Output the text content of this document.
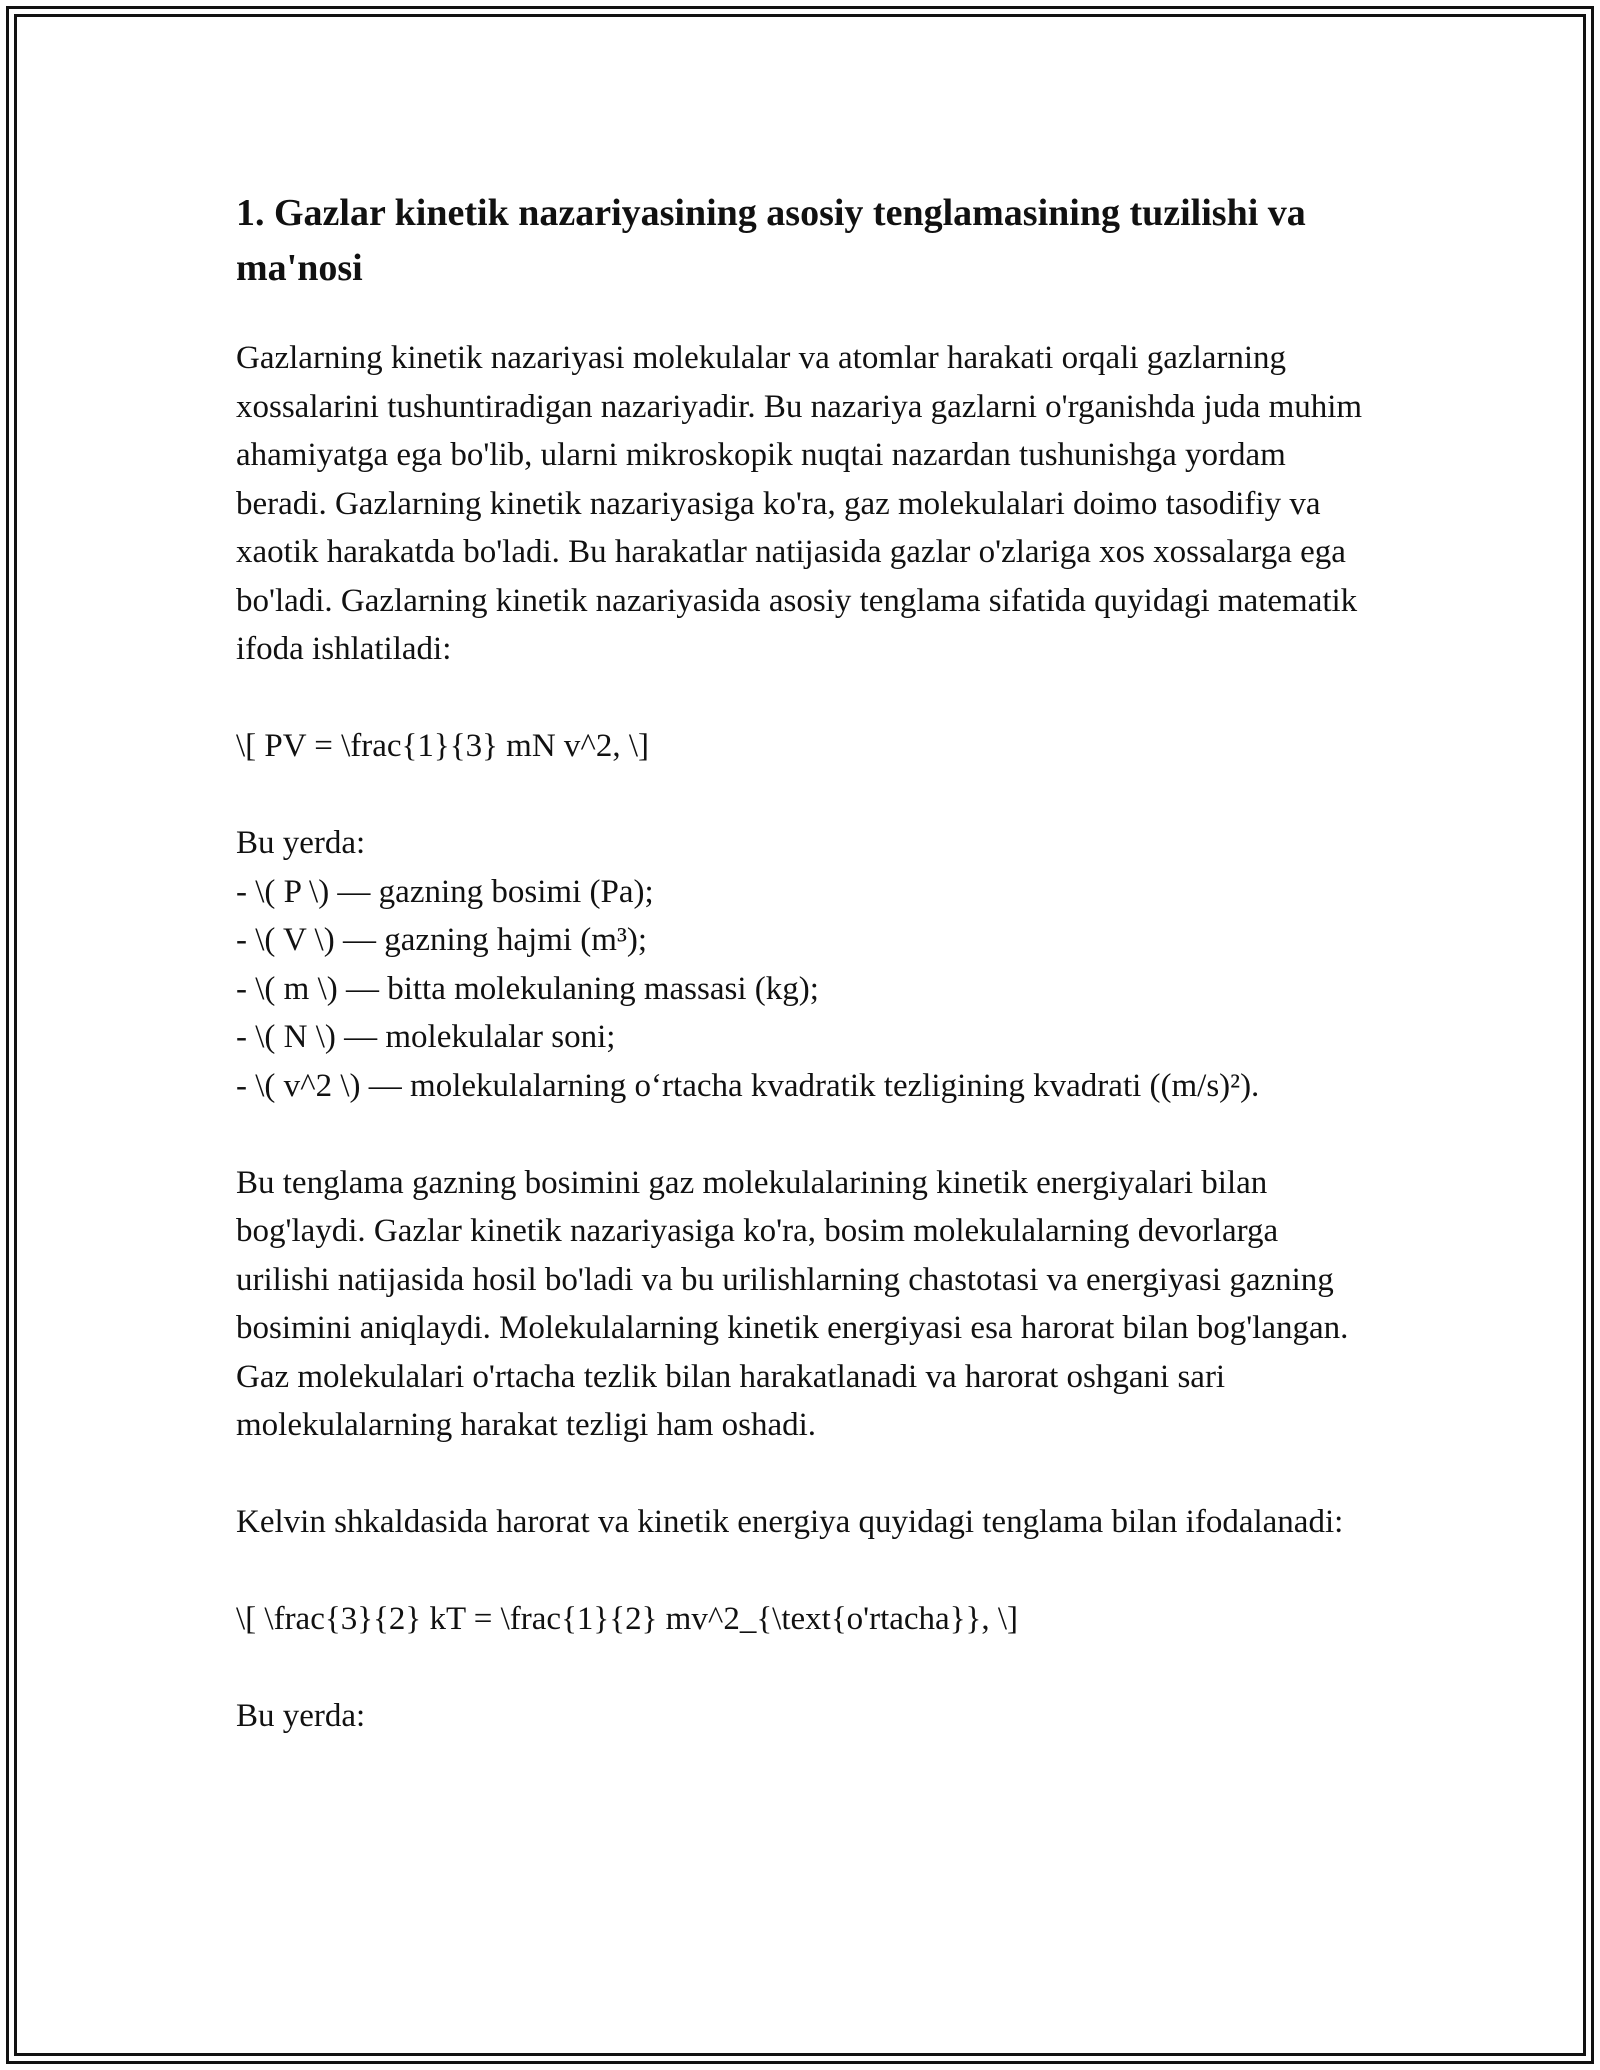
1. Gazlar kinetik nazariyasining asosiy tenglamasining tuzilishi va ma'nosi

Gazlarning kinetik nazariyasi molekulalar va atomlar harakati orqali gazlarning xossalarini tushuntiradigan nazariyadir. Bu nazariya gazlarni o'rganishda juda muhim ahamiyatga ega bo'lib, ularni mikroskopik nuqtai nazardan tushunishga yordam beradi. Gazlarning kinetik nazariyasiga ko'ra, gaz molekulalari doimo tasodifiy va xaotik harakatda bo'ladi. Bu harakatlar natijasida gazlar o'zlariga xos xossalarga ega bo'ladi. Gazlarning kinetik nazariyasida asosiy tenglama sifatida quyidagi matematik ifoda ishlatiladi:

\[ PV = \frac{1}{3} mN v^2, \]

Bu yerda:
- \( P \) — gazning bosimi (Pa);
- \( V \) — gazning hajmi (m³);
- \( m \) — bitta molekulaning massasi (kg);
- \( N \) — molekulalar soni;
- \( v^2 \) — molekulalarning o‘rtacha kvadratik tezligining kvadrati ((m/s)²).

Bu tenglama gazning bosimini gaz molekulalarining kinetik energiyalari bilan bog'laydi. Gazlar kinetik nazariyasiga ko'ra, bosim molekulalarning devorlarga urilishi natijasida hosil bo'ladi va bu urilishlarning chastotasi va energiyasi gazning bosimini aniqlaydi. Molekulalarning kinetik energiyasi esa harorat bilan bog'langan. Gaz molekulalari o'rtacha tezlik bilan harakatlanadi va harorat oshgani sari molekulalarning harakat tezligi ham oshadi.

Kelvin shkaldasida harorat va kinetik energiya quyidagi tenglama bilan ifodalanadi:

\[ \frac{3}{2} kT = \frac{1}{2} mv^2_{\text{o'rtacha}}, \]

Bu yerda:
